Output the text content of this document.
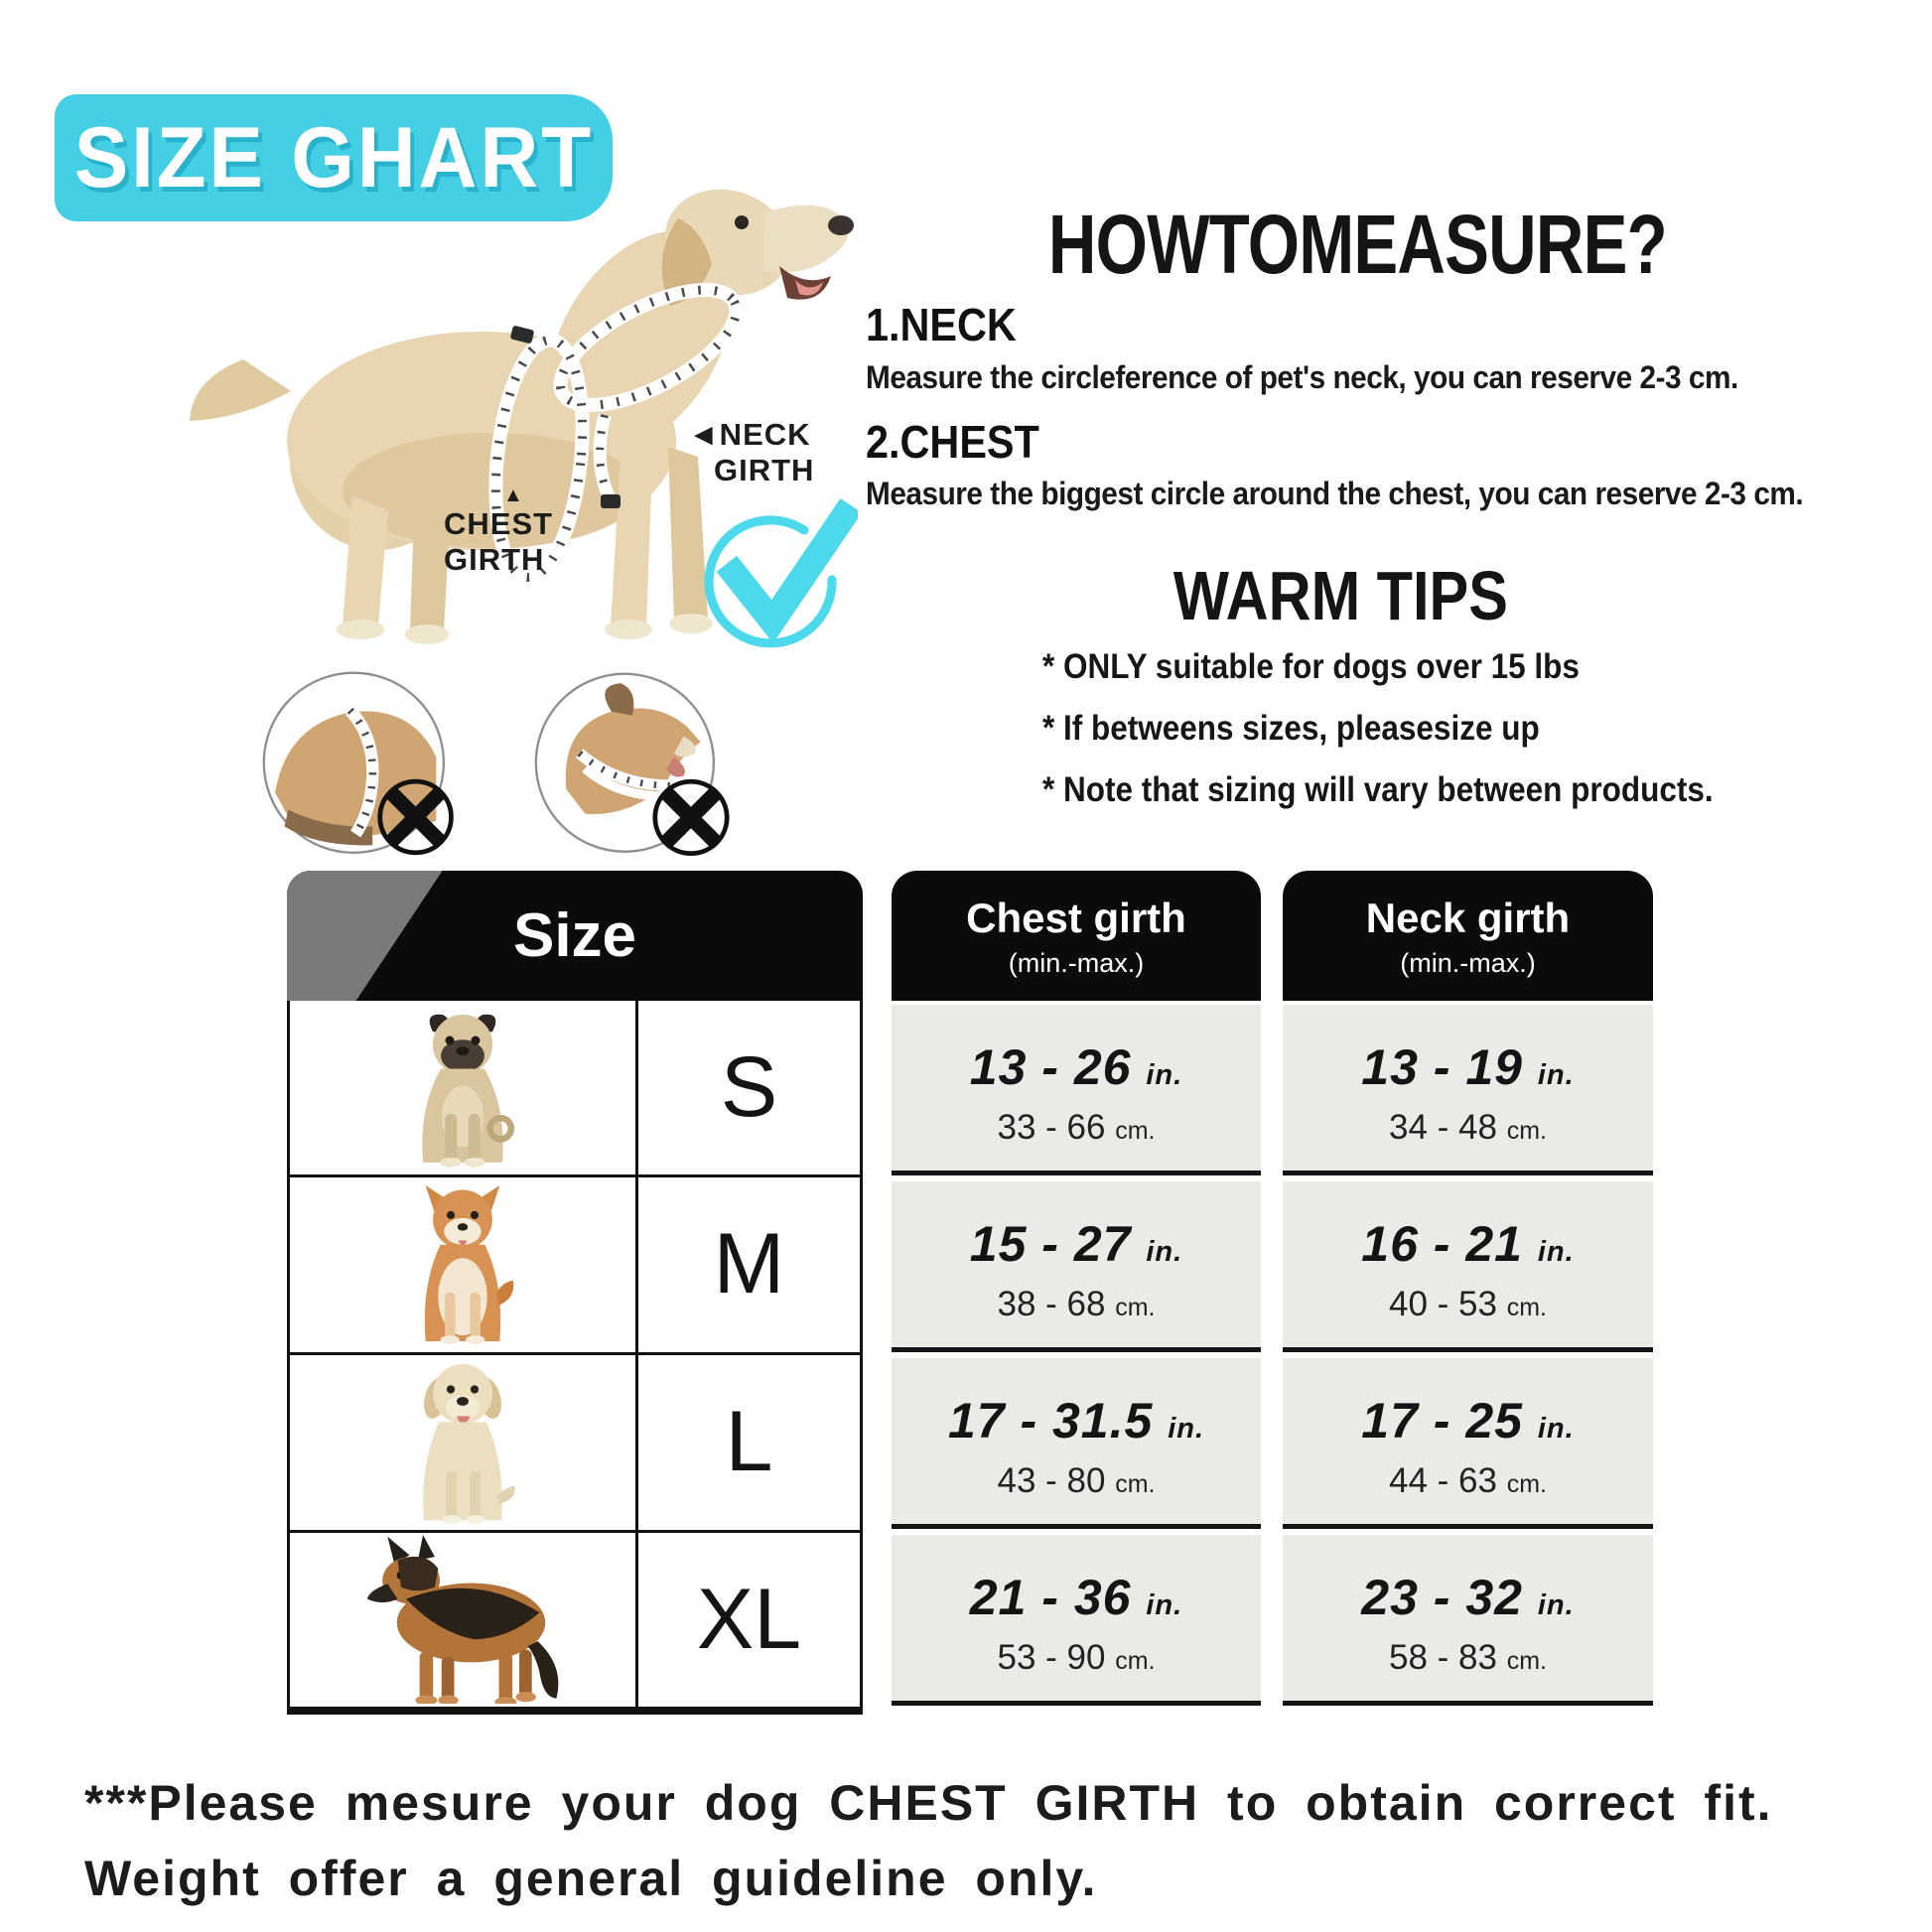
SIZE GHART
◄NECK
GIRTH
▲
CHEST
GIRTH
HOWTOMEASURE?
1.NECK
Measure the circleference of pet's neck, you can reserve 2-3 cm.
2.CHEST
Measure the biggest circle around the chest, you can reserve 2-3 cm.
WARM TIPS
* ONLY suitable for dogs over 15 lbs
* If betweens sizes, pleasesize up
* Note that sizing will vary between products.
Size
S
M
L
XL
Chest girth
(min.-max.)
13 - 26 in.
33 - 66 cm.
15 - 27 in.
38 - 68 cm.
17 - 31.5 in.
43 - 80 cm.
21 - 36 in.
53 - 90 cm.
Neck girth
(min.-max.)
13 - 19 in.
34 - 48 cm.
16 - 21 in.
40 - 53 cm.
17 - 25 in.
44 - 63 cm.
23 - 32 in.
58 - 83 cm.
***Please mesure your dog CHEST GIRTH to obtain correct fit.
Weight offer a general guideline only.
